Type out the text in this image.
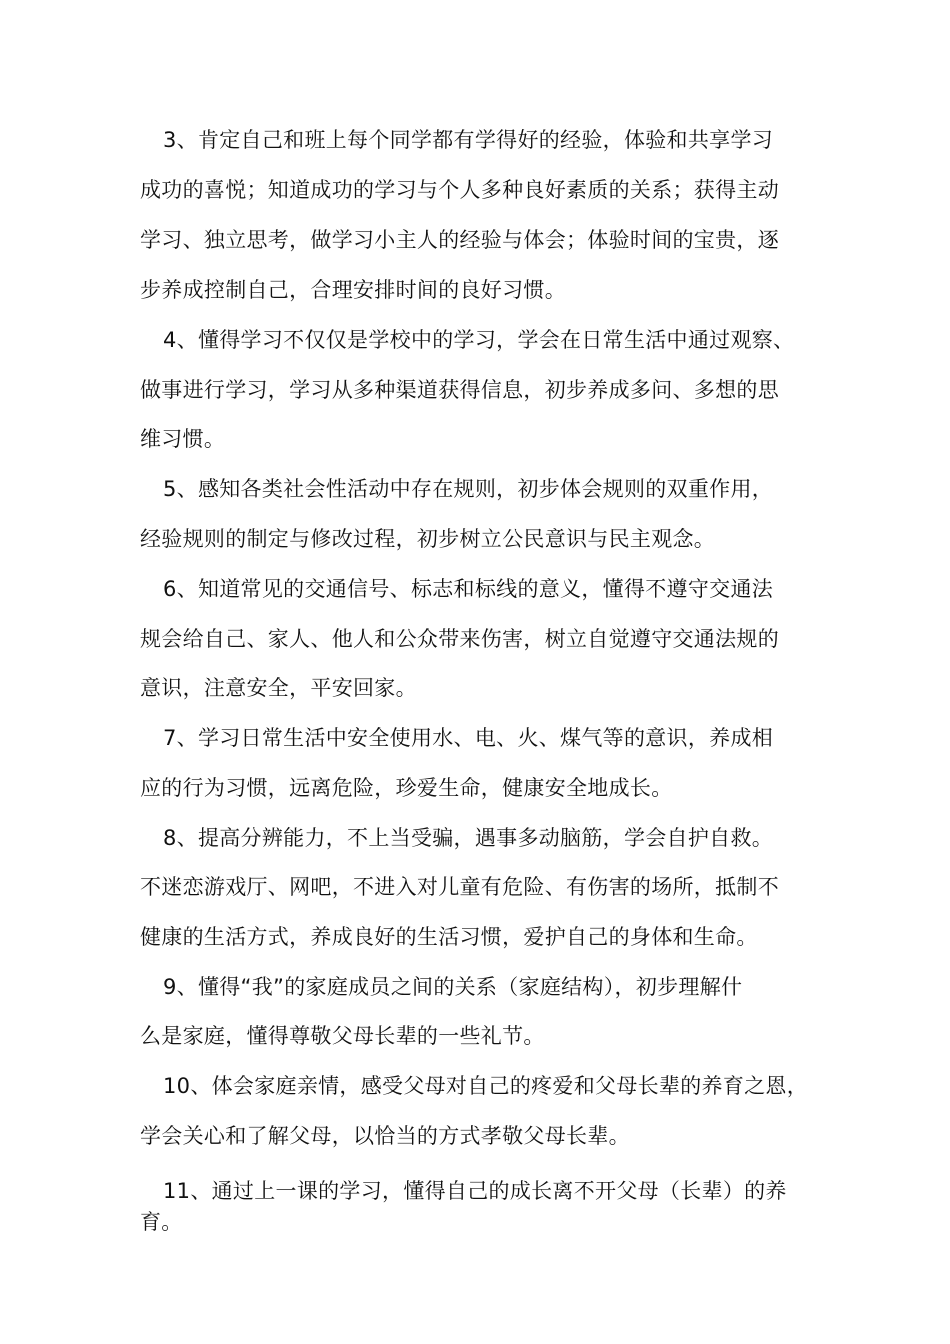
3、肯定自己和班上每个同学都有学得好的经验，体验和共享学习
成功的喜悦；知道成功的学习与个人多种良好素质的关系；获得主动
学习、独立思考，做学习小主人的经验与体会；体验时间的宝贵，逐
步养成控制自己，合理安排时间的良好习惯。
4、懂得学习不仅仅是学校中的学习，学会在日常生活中通过观察、
做事进行学习，学习从多种渠道获得信息，初步养成多问、多想的思
维习惯。
5、感知各类社会性活动中存在规则，初步体会规则的双重作用，
经验规则的制定与修改过程，初步树立公民意识与民主观念。
6、知道常见的交通信号、标志和标线的意义，懂得不遵守交通法
规会给自己、家人、他人和公众带来伤害，树立自觉遵守交通法规的
意识，注意安全，平安回家。
7、学习日常生活中安全使用水、电、火、煤气等的意识，养成相
应的行为习惯，远离危险，珍爱生命，健康安全地成长。
8、提高分辨能力，不上当受骗，遇事多动脑筋，学会自护自救。
不迷恋游戏厅、网吧，不进入对儿童有危险、有伤害的场所，抵制不
健康的生活方式，养成良好的生活习惯，爱护自己的身体和生命。
9、懂得“我”的家庭成员之间的关系（家庭结构），初步理解什
么是家庭，懂得尊敬父母长辈的一些礼节。
10、体会家庭亲情，感受父母对自己的疼爱和父母长辈的养育之恩，
学会关心和了解父母，以恰当的方式孝敬父母长辈。
11、通过上一课的学习，懂得自己的成长离不开父母（长辈）的养
育。
